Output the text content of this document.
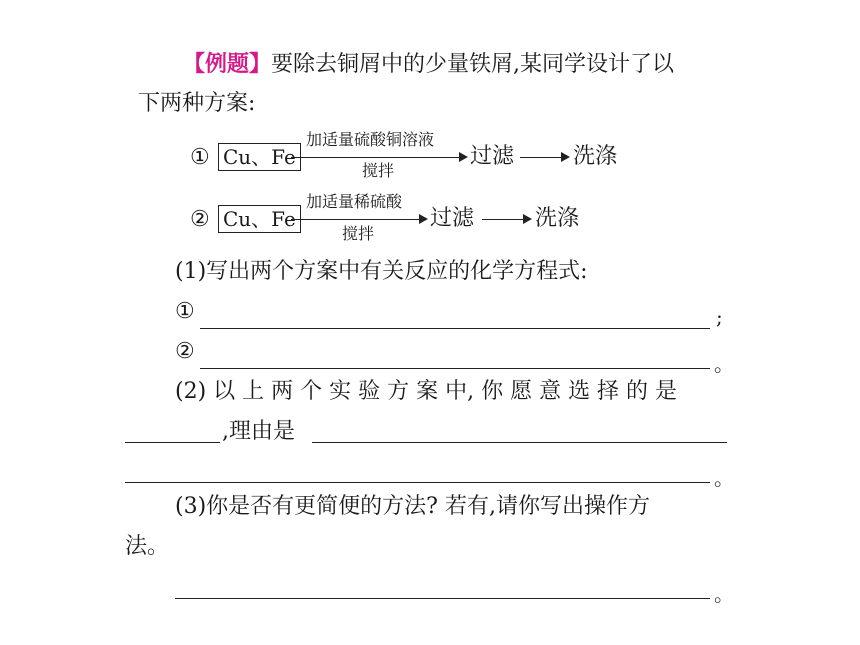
【例题】要除去铜屑中的少量铁屑,某同学设计了以
下两种方案:
① Cu、Fe
加适量硫酸铜溶液
搅拌
过滤	洗涤
② Cu、Fe
加适量稀硫酸
搅拌
过滤	洗涤
(1)写出两个方案中有关反应的化学方程式:
①	;
②	。
(2) 以 上 两 个 实 验 方 案 中, 你 愿 意 选 择 的 是
,理由是
。
(3)你是否有更简便的方法? 若有,请你写出操作方
法。
。
